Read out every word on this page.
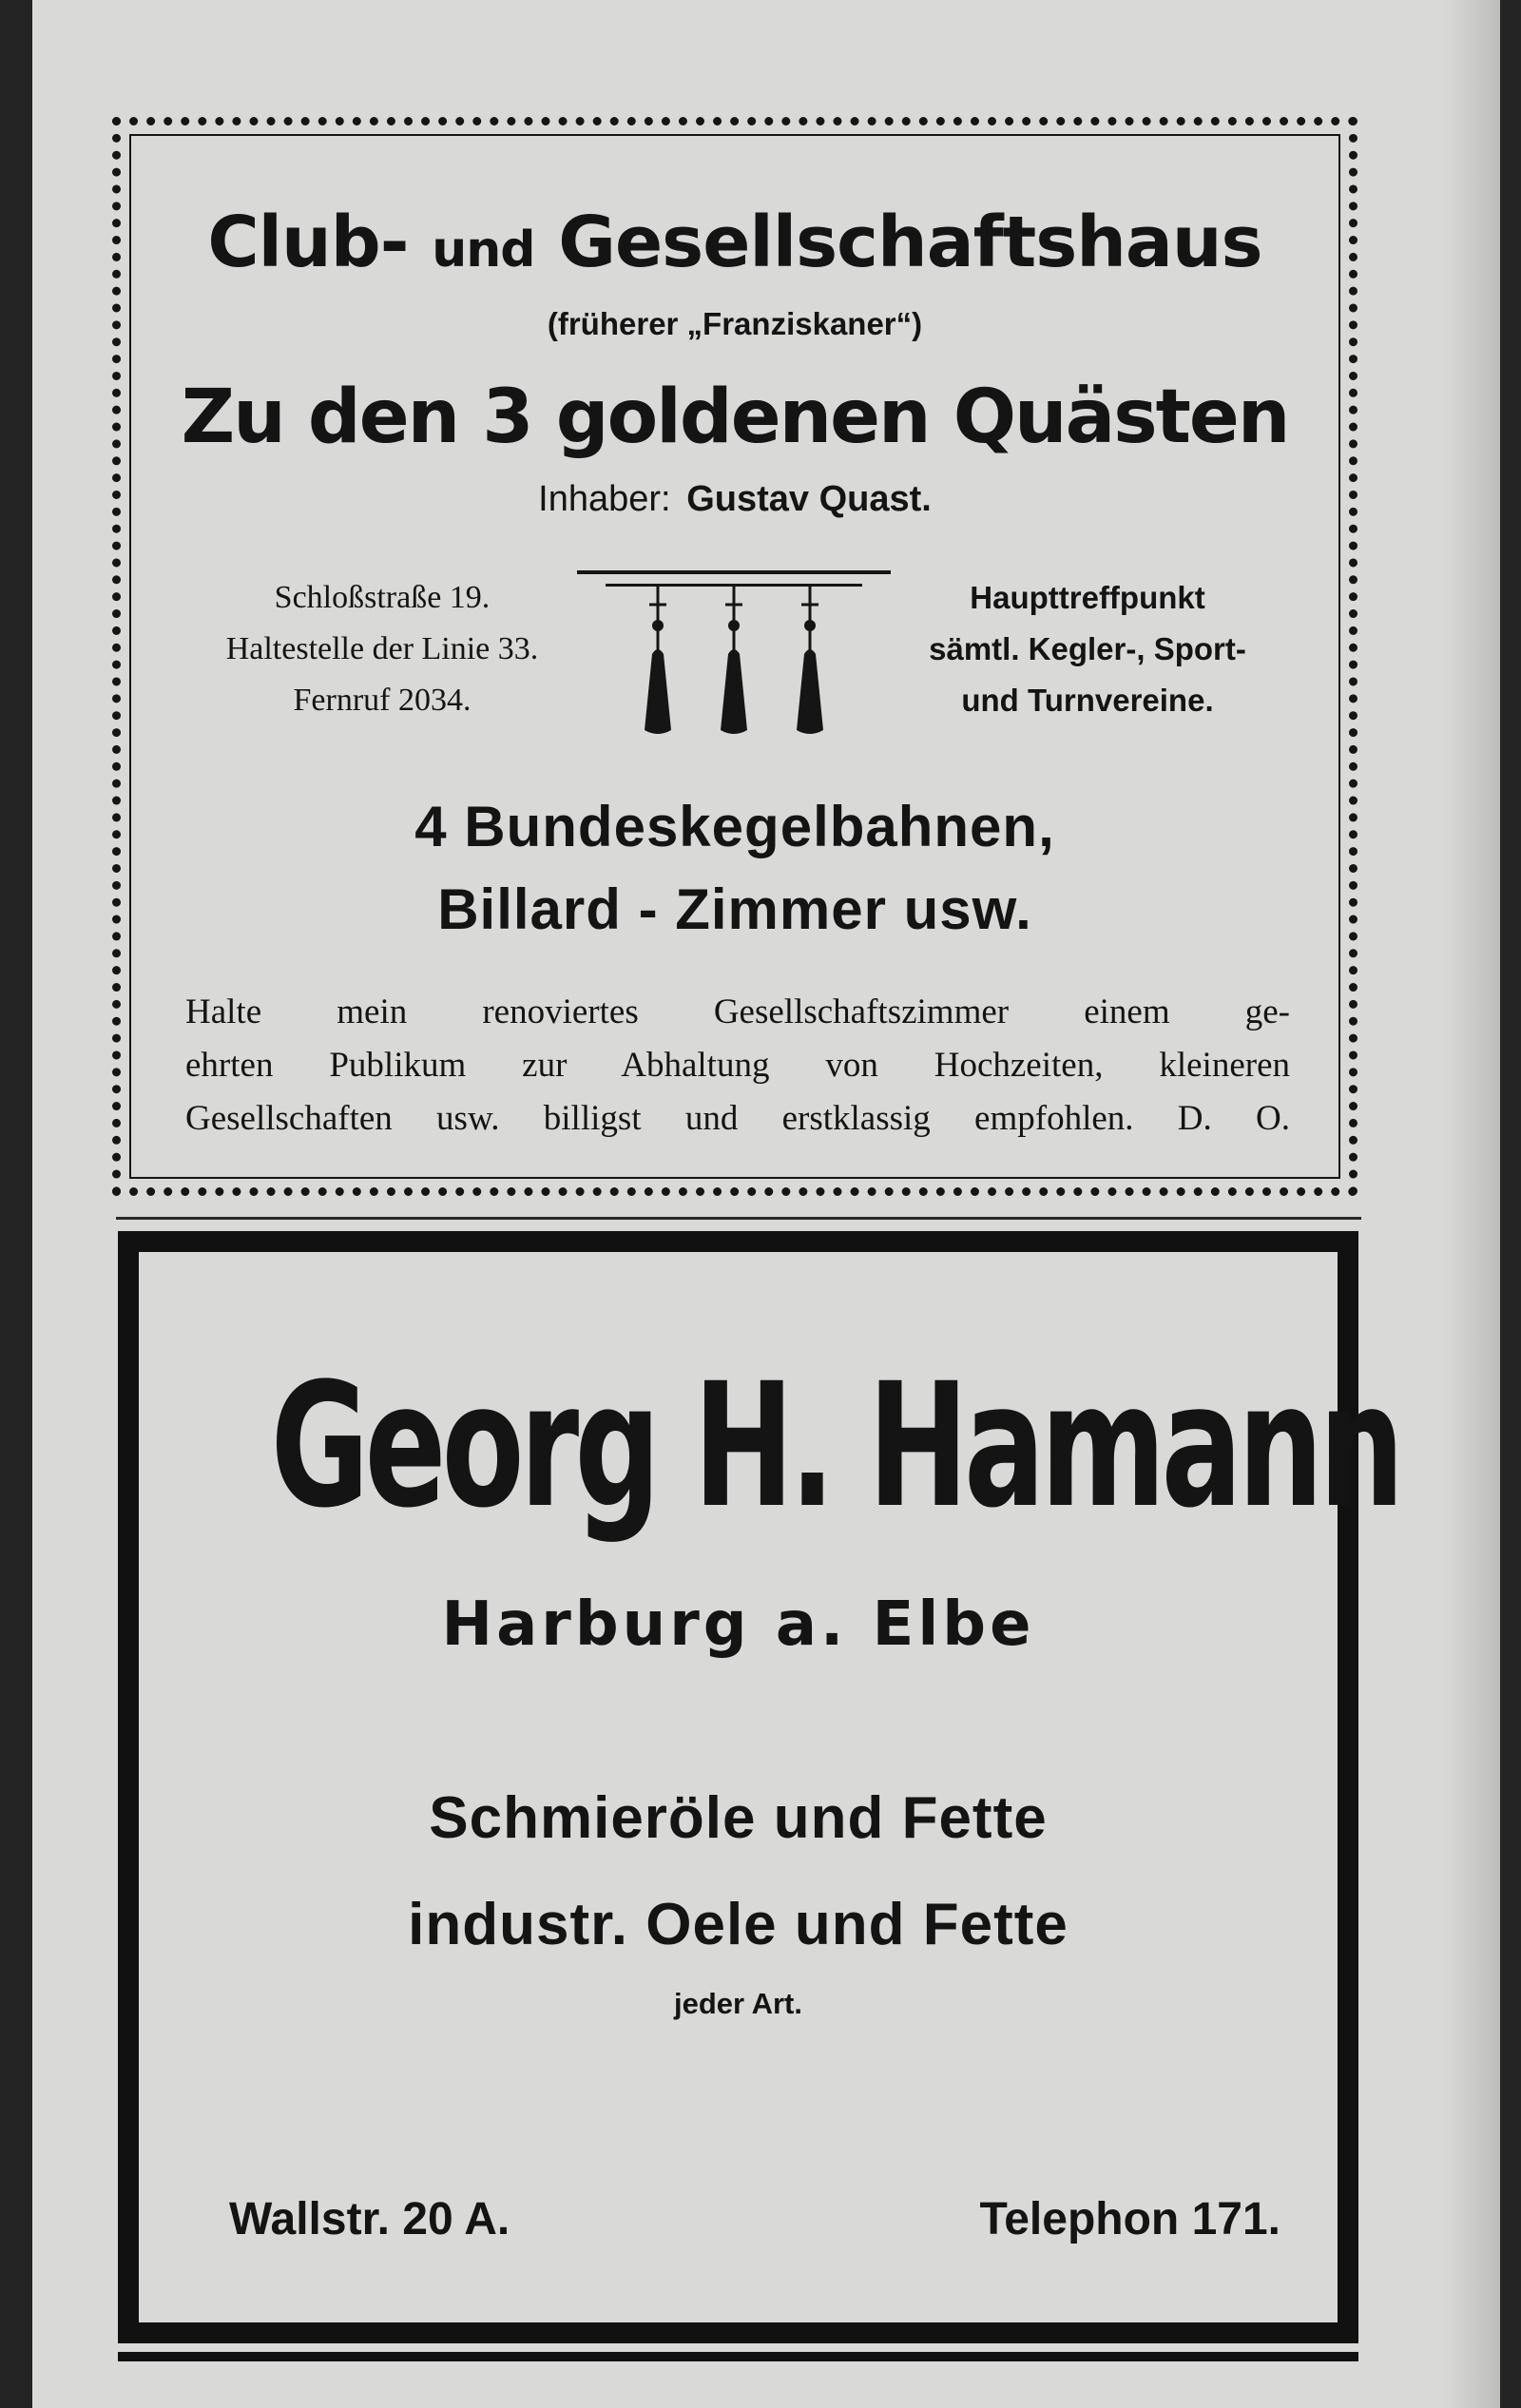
Club- und Gesellschaftshaus
(früherer „Franziskaner“)
Zu den 3 goldenen Quästen
Inhaber: Gustav Quast.
Schloßstraße 19.
Haltestelle der Linie 33.
Fernruf 2034.
Haupttreffpunkt
sämtl. Kegler-, Sport-
und Turnvereine.
4 Bundeskegelbahnen,
Billard - Zimmer usw.
Halte mein renoviertes Gesellschaftszimmer einem ge-
ehrten Publikum zur Abhaltung von Hochzeiten, kleineren
Gesellschaften usw. billigst und erstklassig empfohlen. D. O.
Georg H. Hamann
Harburg a. Elbe
Schmieröle und Fette
industr. Oele und Fette
jeder Art.
Wallstr. 20 A.	Telephon 171.
